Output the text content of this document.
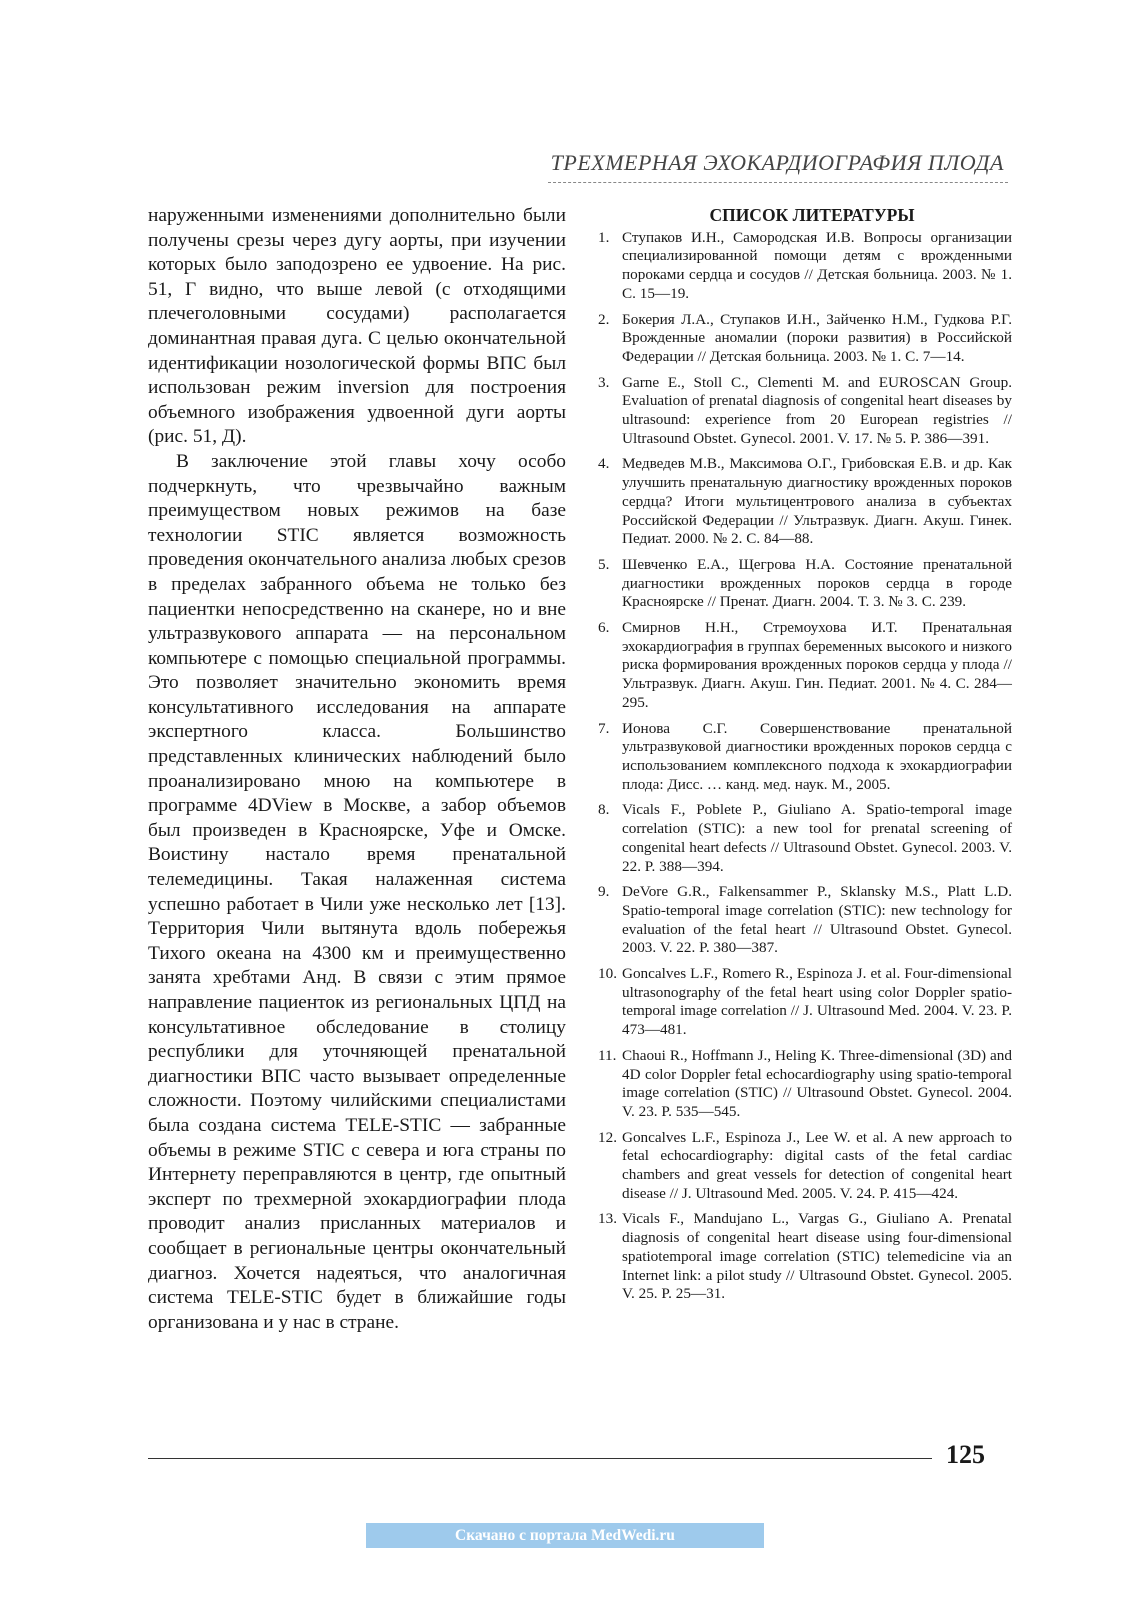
ТРЕХМЕРНАЯ ЭХОКАРДИОГРАФИЯ ПЛОДА

наруженными изменениями дополнительно были получены срезы через дугу аорты, при изучении которых было заподозрено ее удвоение. На рис. 51, Г видно, что выше левой (с отходящими плечеголовными сосудами) располагается доминантная правая дуга. С целью окончательной идентификации нозологической формы ВПС был использован режим inversion для построения объемного изображения удвоенной дуги аорты (рис. 51, Д).

В заключение этой главы хочу особо подчеркнуть, что чрезвычайно важным преимуществом новых режимов на базе технологии STIC является возможность проведения окончательного анализа любых срезов в пределах забранного объема не только без пациентки непосредственно на сканере, но и вне ультразвукового аппарата — на персональном компьютере с помощью специальной программы. Это позволяет значительно экономить время консультативного исследования на аппарате экспертного класса. Большинство представленных клинических наблюдений было проанализировано мною на компьютере в программе 4DView в Москве, а забор объемов был произведен в Красноярске, Уфе и Омске. Воистину настало время пренатальной телемедицины. Такая налаженная система успешно работает в Чили уже несколько лет [13]. Территория Чили вытянута вдоль побережья Тихого океана на 4300 км и преимущественно занята хребтами Анд. В связи с этим прямое направление пациенток из региональных ЦПД на консультативное обследование в столицу республики для уточняющей пренатальной диагностики ВПС часто вызывает определенные сложности. Поэтому чилийскими специалистами была создана система TELE-STIC — забранные объемы в режиме STIC с севера и юга страны по Интернету переправляются в центр, где опытный эксперт по трехмерной эхокардиографии плода проводит анализ присланных материалов и сообщает в региональные центры окончательный диагноз. Хочется надеяться, что аналогичная система TELE-STIC будет в ближайшие годы организована и у нас в стране.

СПИСОК ЛИТЕРАТУРЫ
1. Ступаков И.Н., Самородская И.В. Вопросы организации специализированной помощи детям с врожденными пороками сердца и сосудов // Детская больница. 2003. № 1. С. 15—19.
2. Бокерия Л.А., Ступаков И.Н., Зайченко Н.М., Гудкова Р.Г. Врожденные аномалии (пороки развития) в Российской Федерации // Детская больница. 2003. № 1. С. 7—14.
3. Garne E., Stoll C., Clementi M. and EUROSCAN Group. Evaluation of prenatal diagnosis of congenital heart diseases by ultrasound: experience from 20 European registries // Ultrasound Obstet. Gynecol. 2001. V. 17. № 5. P. 386—391.
4. Медведев М.В., Максимова О.Г., Грибовская Е.В. и др. Как улучшить пренатальную диагностику врожденных пороков сердца? Итоги мультицентрового анализа в субъектах Российской Федерации // Ультразвук. Диагн. Акуш. Гинек. Педиат. 2000. № 2. С. 84—88.
5. Шевченко Е.А., Щегрова Н.А. Состояние пренатальной диагностики врожденных пороков сердца в городе Красноярске // Пренат. Диагн. 2004. Т. 3. № 3. С. 239.
6. Смирнов Н.Н., Стремоухова И.Т. Пренатальная эхокардиография в группах беременных высокого и низкого риска формирования врожденных пороков сердца у плода // Ультразвук. Диагн. Акуш. Гин. Педиат. 2001. № 4. С. 284—295.
7. Ионова С.Г. Совершенствование пренатальной ультразвуковой диагностики врожденных пороков сердца с использованием комплексного подхода к эхокардиографии плода: Дисс. … канд. мед. наук. М., 2005.
8. Vicals F., Poblete P., Giuliano A. Spatio-temporal image correlation (STIC): a new tool for prenatal screening of congenital heart defects // Ultrasound Obstet. Gynecol. 2003. V. 22. P. 388—394.
9. DeVore G.R., Falkensammer P., Sklansky M.S., Platt L.D. Spatio-temporal image correlation (STIC): new technology for evaluation of the fetal heart // Ultrasound Obstet. Gynecol. 2003. V. 22. P. 380—387.
10. Goncalves L.F., Romero R., Espinoza J. et al. Four-dimensional ultrasonography of the fetal heart using color Doppler spatio-temporal image correlation // J. Ultrasound Med. 2004. V. 23. P. 473—481.
11. Chaoui R., Hoffmann J., Heling K. Three-dimensional (3D) and 4D color Doppler fetal echocardiography using spatio-temporal image correlation (STIC) // Ultrasound Obstet. Gynecol. 2004. V. 23. P. 535—545.
12. Goncalves L.F., Espinoza J., Lee W. et al. A new approach to fetal echocardiography: digital casts of the fetal cardiac chambers and great vessels for detection of congenital heart disease // J. Ultrasound Med. 2005. V. 24. P. 415—424.
13. Vicals F., Mandujano L., Vargas G., Giuliano A. Prenatal diagnosis of congenital heart disease using four-dimensional spatiotemporal image correlation (STIC) telemedicine via an Internet link: a pilot study // Ultrasound Obstet. Gynecol. 2005. V. 25. P. 25—31.
125
Скачано с портала MedWedi.ru
